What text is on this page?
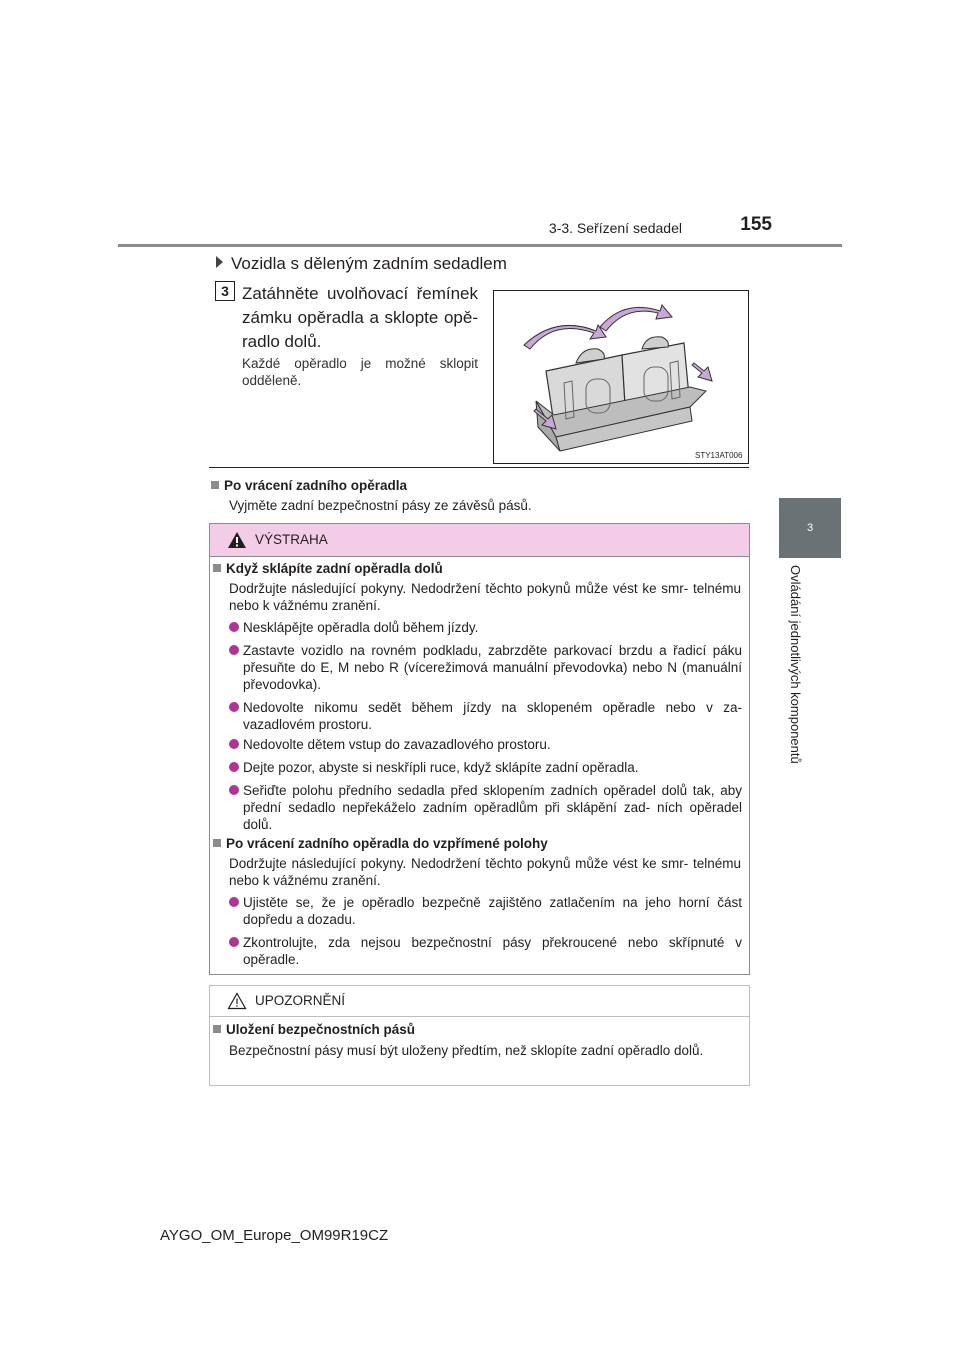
3-3. Seřízení sedadel	155
3
Ovládání jednotlivých komponentů
Vozidla s děleným zadním sedadlem
3 Zatáhněte uvolňovací řemínek zámku opěradla a sklopte opě- radlo dolů.
Každé opěradlo je možné sklopit odděleně.
STY13AT006
Po vrácení zadního opěradla
Vyjměte zadní bezpečnostní pásy ze závěsů pásů.
VÝSTRAHA
Když sklápíte zadní opěradla dolů
Dodržujte následující pokyny. Nedodržení těchto pokynů může vést ke smr- telnému nebo k vážnému zranění.
Nesklápějte opěradla dolů během jízdy.
Zastavte vozidlo na rovném podkladu, zabrzděte parkovací brzdu a řadicí páku přesuňte do E, M nebo R (vícerežimová manuální převodovka) nebo N (manuální převodovka).
Nedovolte nikomu sedět během jízdy na sklopeném opěradle nebo v za- vazadlovém prostoru.
Nedovolte dětem vstup do zavazadlového prostoru.
Dejte pozor, abyste si neskřípli ruce, když sklápíte zadní opěradla.
Seřiďte polohu předního sedadla před sklopením zadních opěradel dolů tak, aby přední sedadlo nepřekáželo zadním opěradlům při sklápění zad- ních opěradel dolů.
Po vrácení zadního opěradla do vzpřímené polohy
Dodržujte následující pokyny. Nedodržení těchto pokynů může vést ke smr- telnému nebo k vážnému zranění.
Ujistěte se, že je opěradlo bezpečně zajištěno zatlačením na jeho horní část dopředu a dozadu.
Zkontrolujte, zda nejsou bezpečnostní pásy překroucené nebo skřípnuté v opěradle.
UPOZORNĚNÍ
Uložení bezpečnostních pásů
Bezpečnostní pásy musí být uloženy předtím, než sklopíte zadní opěradlo dolů.
AYGO_OM_Europe_OM99R19CZ
